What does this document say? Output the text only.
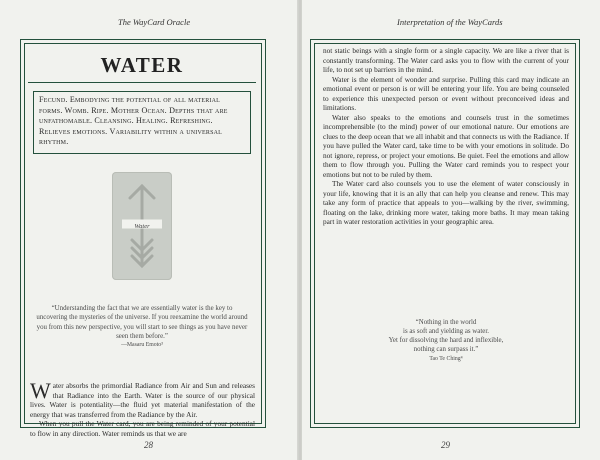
The WayCard Oracle
WATER
Fecund. Embodying the potential of all material forms. Womb. Ripe. Mother Ocean. Depths that are unfathomable. Cleansing. Healing. Refreshing. Relieves emotions. Variability within a universal rhythm.
Water
“Understanding the fact that we are essentially water is the key to uncovering the mysteries of the universe. If you reexamine the world around you from this new perspective, you will start to see things as you have never seen them before.”
—Masaru Emoto³

Water absorbs the primordial Radiance from Air and Sun and releases that Radiance into the Earth. Water is the source of our physical lives. Water is potentiality—the fluid yet material manifestation of the energy that was transferred from the Radiance by the Air.

When you pull the Water card, you are being reminded of your potential to flow in any direction. Water reminds us that we are

28
Interpretation of the WayCards

not static beings with a single form or a single capacity. We are like a river that is constantly transforming. The Water card asks you to flow with the current of your life, to not set up barriers in the mind.

Water is the element of wonder and surprise. Pulling this card may indicate an emotional event or person is or will be entering your life. You are being counseled to experience this unexpected person or event without preconceived ideas and limitations.

Water also speaks to the emotions and counsels trust in the sometimes incomprehensible (to the mind) power of our emotional nature. Our emotions are clues to the deep ocean that we all inhabit and that connects us with the Radiance. If you have pulled the Water card, take time to be with your emotions in solitude. Do not ignore, repress, or project your emotions. Be quiet. Feel the emotions and allow them to flow through you. Pulling the Water card reminds you to respect your emotions but not to be ruled by them.

The Water card also counsels you to use the element of water consciously in your life, knowing that it is an ally that can help you cleanse and renew. This may take any form of practice that appeals to you—walking by the river, swimming, floating on the lake, drinking more water, taking more baths. It may mean taking part in water restoration activities in your geographic area.

“Nothing in the world
is as soft and yielding as water.
Yet for dissolving the hard and inflexible,
nothing can surpass it.”
Tao Te Ching⁴
29
